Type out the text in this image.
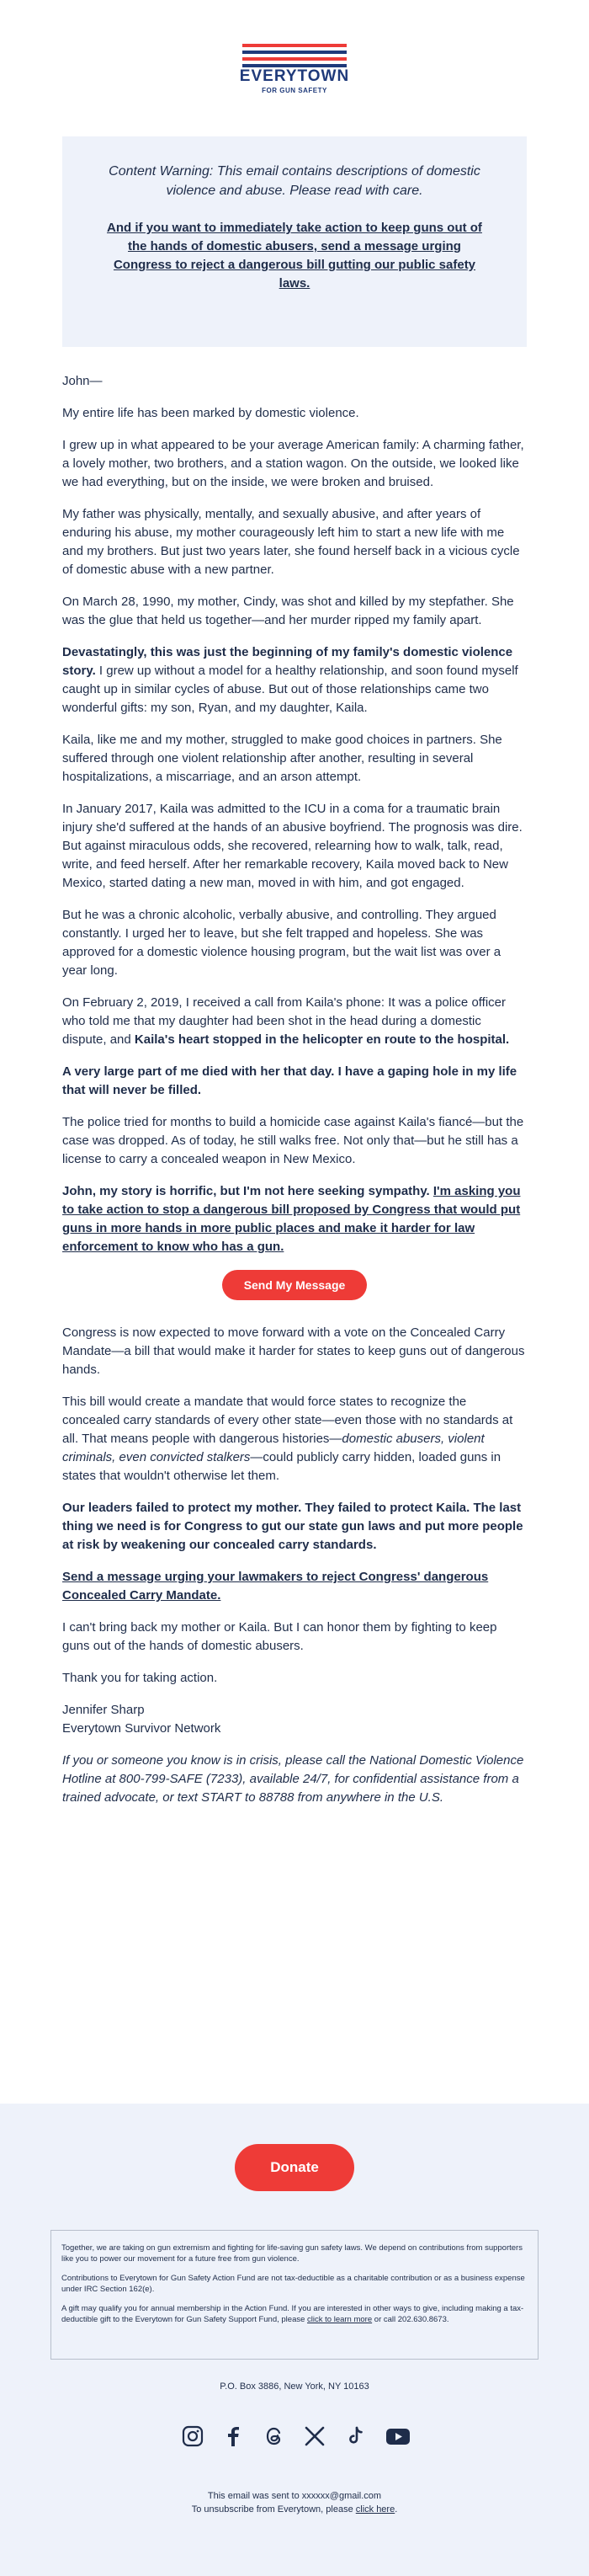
EVERYTOWN
FOR GUN SAFETY
Content Warning: This email contains descriptions of domestic violence and abuse. Please read with care.
And if you want to immediately take action to keep guns out of the hands of domestic abusers, send a message urging Congress to reject a dangerous bill gutting our public safety laws.

John—

My entire life has been marked by domestic violence.

I grew up in what appeared to be your average American family: A charming father, a lovely mother, two brothers, and a station wagon. On the outside, we looked like we had everything, but on the inside, we were broken and bruised.

My father was physically, mentally, and sexually abusive, and after years of enduring his abuse, my mother courageously left him to start a new life with me and my brothers. But just two years later, she found herself back in a vicious cycle of domestic abuse with a new partner.

On March 28, 1990, my mother, Cindy, was shot and killed by my stepfather. She was the glue that held us together—and her murder ripped my family apart.

Devastatingly, this was just the beginning of my family's domestic violence story. I grew up without a model for a healthy relationship, and soon found myself caught up in similar cycles of abuse. But out of those relationships came two wonderful gifts: my son, Ryan, and my daughter, Kaila.

Kaila, like me and my mother, struggled to make good choices in partners. She suffered through one violent relationship after another, resulting in several hospitalizations, a miscarriage, and an arson attempt.

In January 2017, Kaila was admitted to the ICU in a coma for a traumatic brain injury she'd suffered at the hands of an abusive boyfriend. The prognosis was dire. But against miraculous odds, she recovered, relearning how to walk, talk, read, write, and feed herself. After her remarkable recovery, Kaila moved back to New Mexico, started dating a new man, moved in with him, and got engaged.

But he was a chronic alcoholic, verbally abusive, and controlling. They argued constantly. I urged her to leave, but she felt trapped and hopeless. She was approved for a domestic violence housing program, but the wait list was over a year long.

On February 2, 2019, I received a call from Kaila's phone: It was a police officer who told me that my daughter had been shot in the head during a domestic dispute, and Kaila's heart stopped in the helicopter en route to the hospital.

A very large part of me died with her that day. I have a gaping hole in my life that will never be filled.

The police tried for months to build a homicide case against Kaila's fiancé—but the case was dropped. As of today, he still walks free. Not only that—but he still has a license to carry a concealed weapon in New Mexico.

John, my story is horrific, but I'm not here seeking sympathy. I'm asking you to take action to stop a dangerous bill proposed by Congress that would put guns in more hands in more public places and make it harder for law enforcement to know who has a gun.

Send My Message

Congress is now expected to move forward with a vote on the Concealed Carry Mandate—a bill that would make it harder for states to keep guns out of dangerous hands.

This bill would create a mandate that would force states to recognize the concealed carry standards of every other state—even those with no standards at all. That means people with dangerous histories—domestic abusers, violent criminals, even convicted stalkers—could publicly carry hidden, loaded guns in states that wouldn't otherwise let them.

Our leaders failed to protect my mother. They failed to protect Kaila. The last thing we need is for Congress to gut our state gun laws and put more people at risk by weakening our concealed carry standards.

Send a message urging your lawmakers to reject Congress' dangerous Concealed Carry Mandate.

I can't bring back my mother or Kaila. But I can honor them by fighting to keep guns out of the hands of domestic abusers.

Thank you for taking action.

Jennifer Sharp
Everytown Survivor Network

If you or someone you know is in crisis, please call the National Domestic Violence Hotline at 800-799-SAFE (7233), available 24/7, for confidential assistance from a trained advocate, or text START to 88788 from anywhere in the U.S.

Donate

Together, we are taking on gun extremism and fighting for life-saving gun safety laws. We depend on contributions from supporters like you to power our movement for a future free from gun violence.

Contributions to Everytown for Gun Safety Action Fund are not tax-deductible as a charitable contribution or as a business expense under IRC Section 162(e).

A gift may qualify you for annual membership in the Action Fund. If you are interested in other ways to give, including making a tax-deductible gift to the Everytown for Gun Safety Support Fund, please click to learn more or call 202.630.8673.

P.O. Box 3886, New York, NY 10163

This email was sent to xxxxxx@gmail.com
To unsubscribe from Everytown, please click here.
